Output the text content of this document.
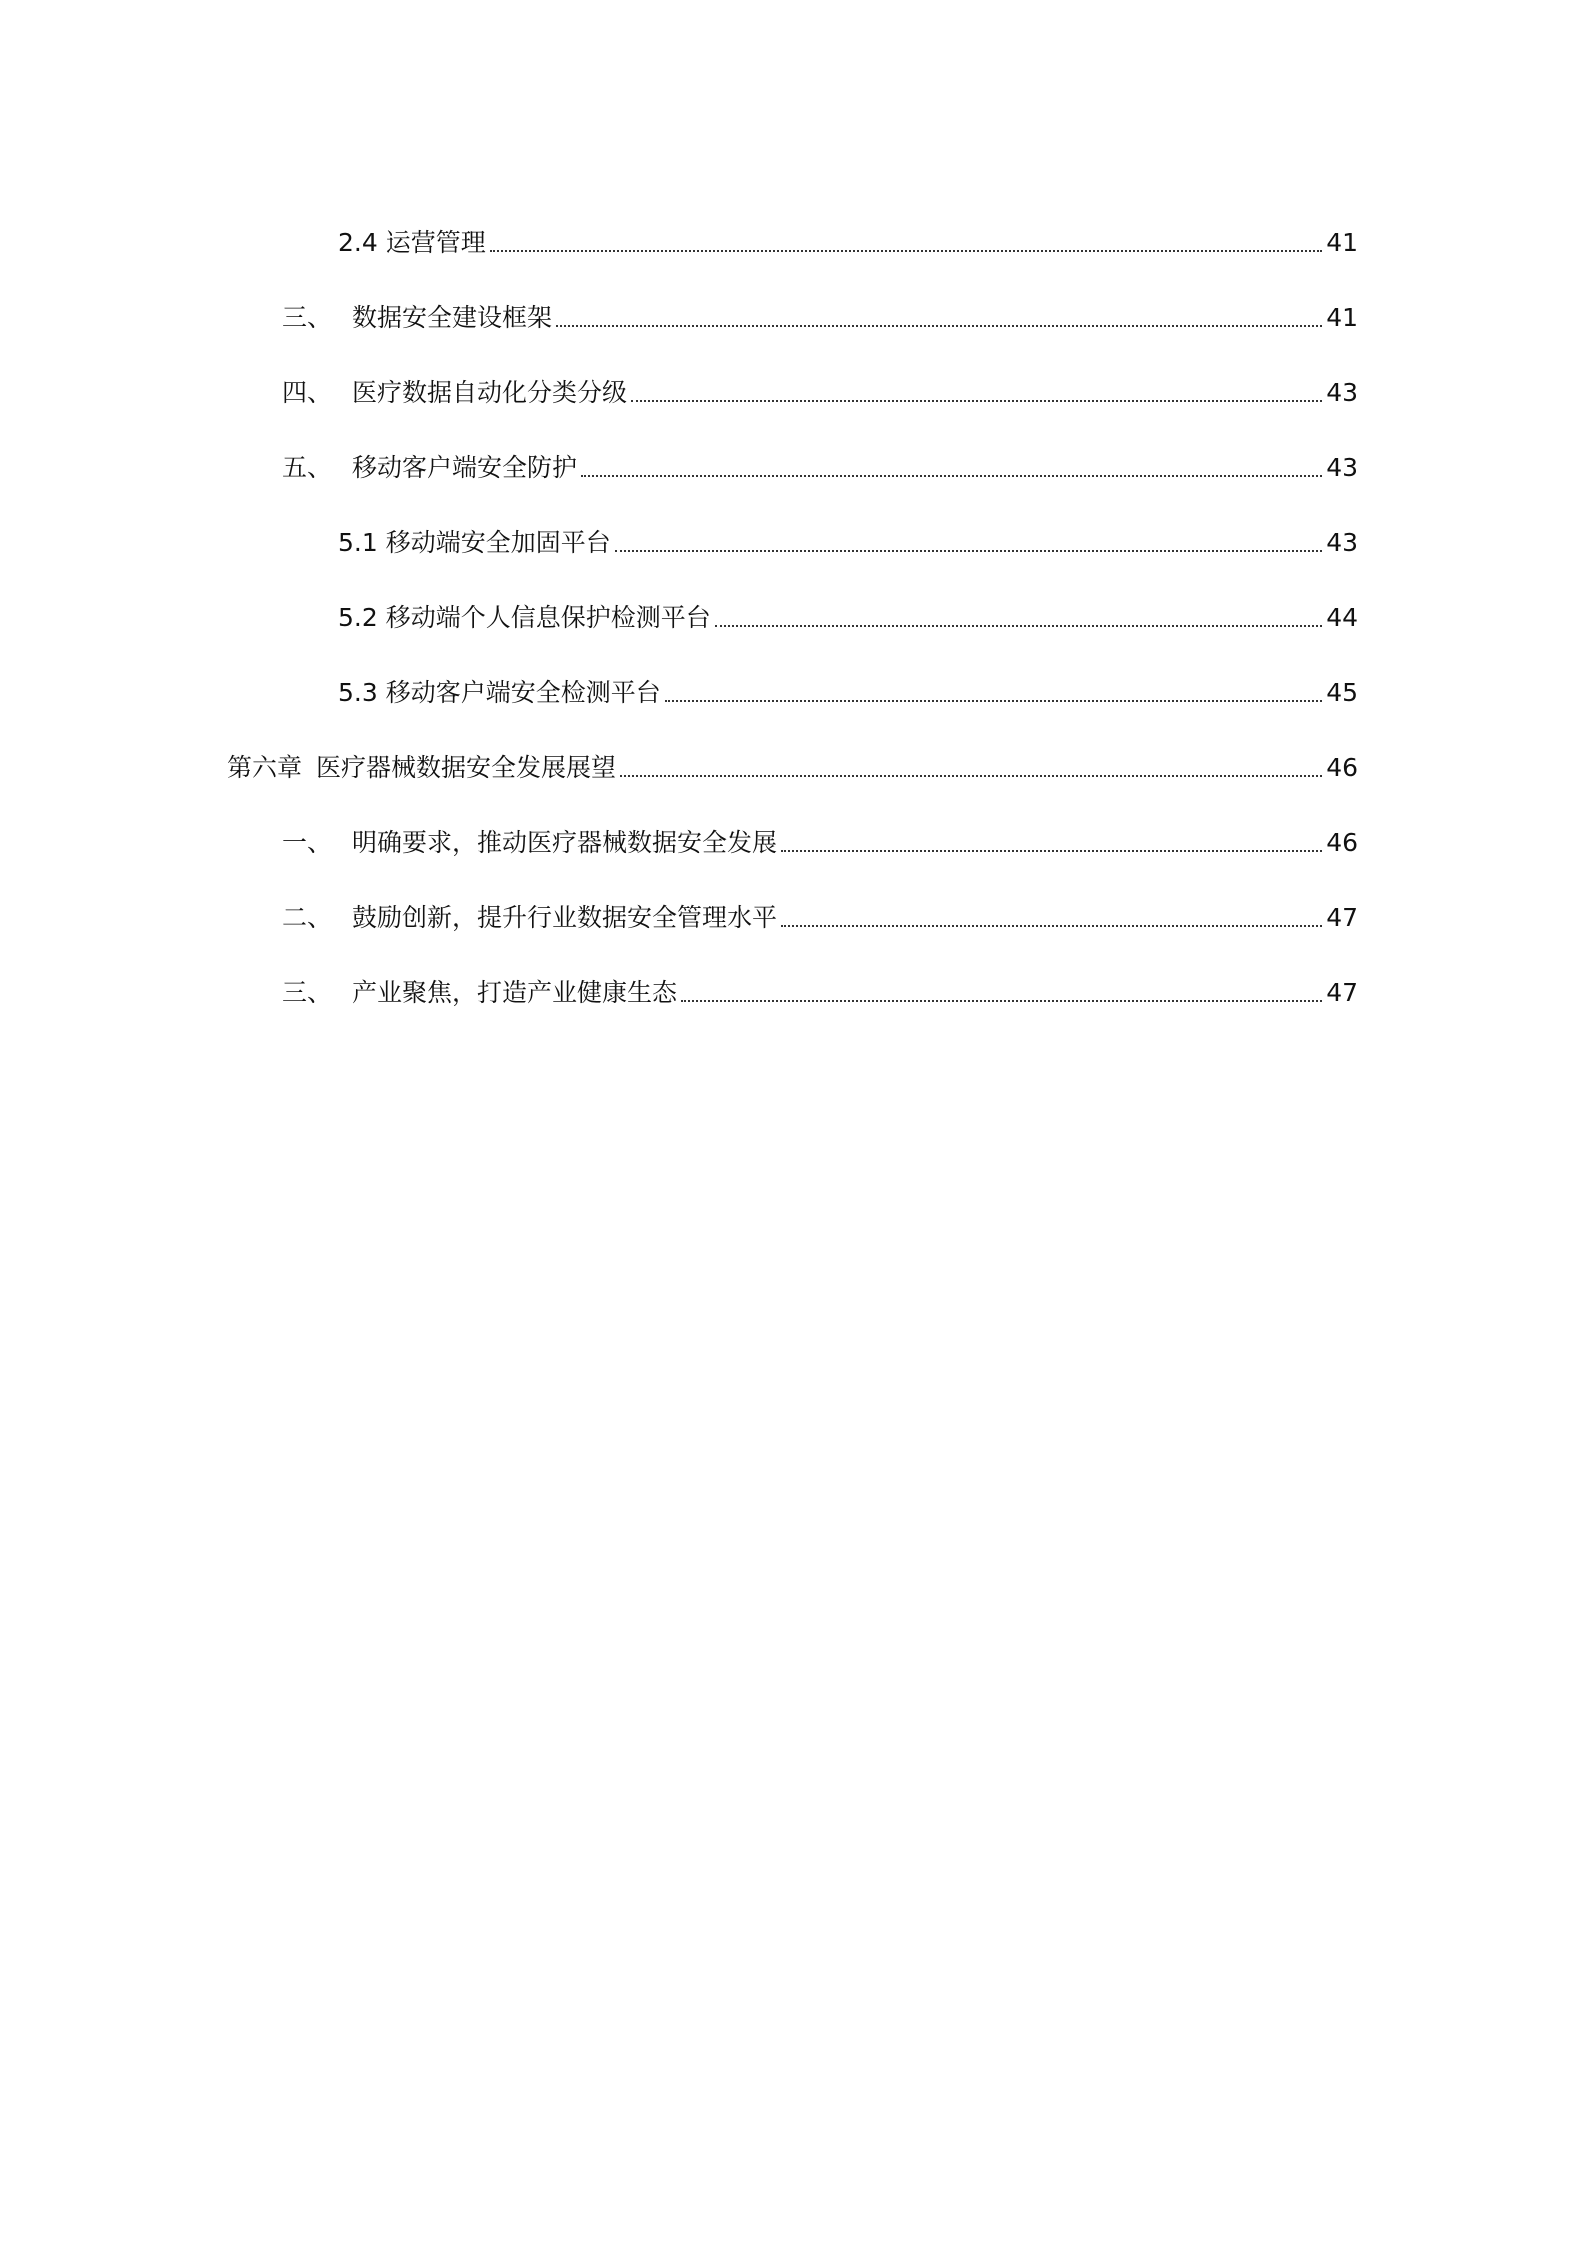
2.4 运营管理	41
三、 数据安全建设框架	41
四、 医疗数据自动化分类分级	43
五、 移动客户端安全防护	43
5.1 移动端安全加固平台	43
5.2 移动端个人信息保护检测平台	44
5.3 移动客户端安全检测平台	45
第六章 医疗器械数据安全发展展望	46
一、 明确要求，推动医疗器械数据安全发展	46
二、 鼓励创新，提升行业数据安全管理水平	47
三、 产业聚焦，打造产业健康生态	47
